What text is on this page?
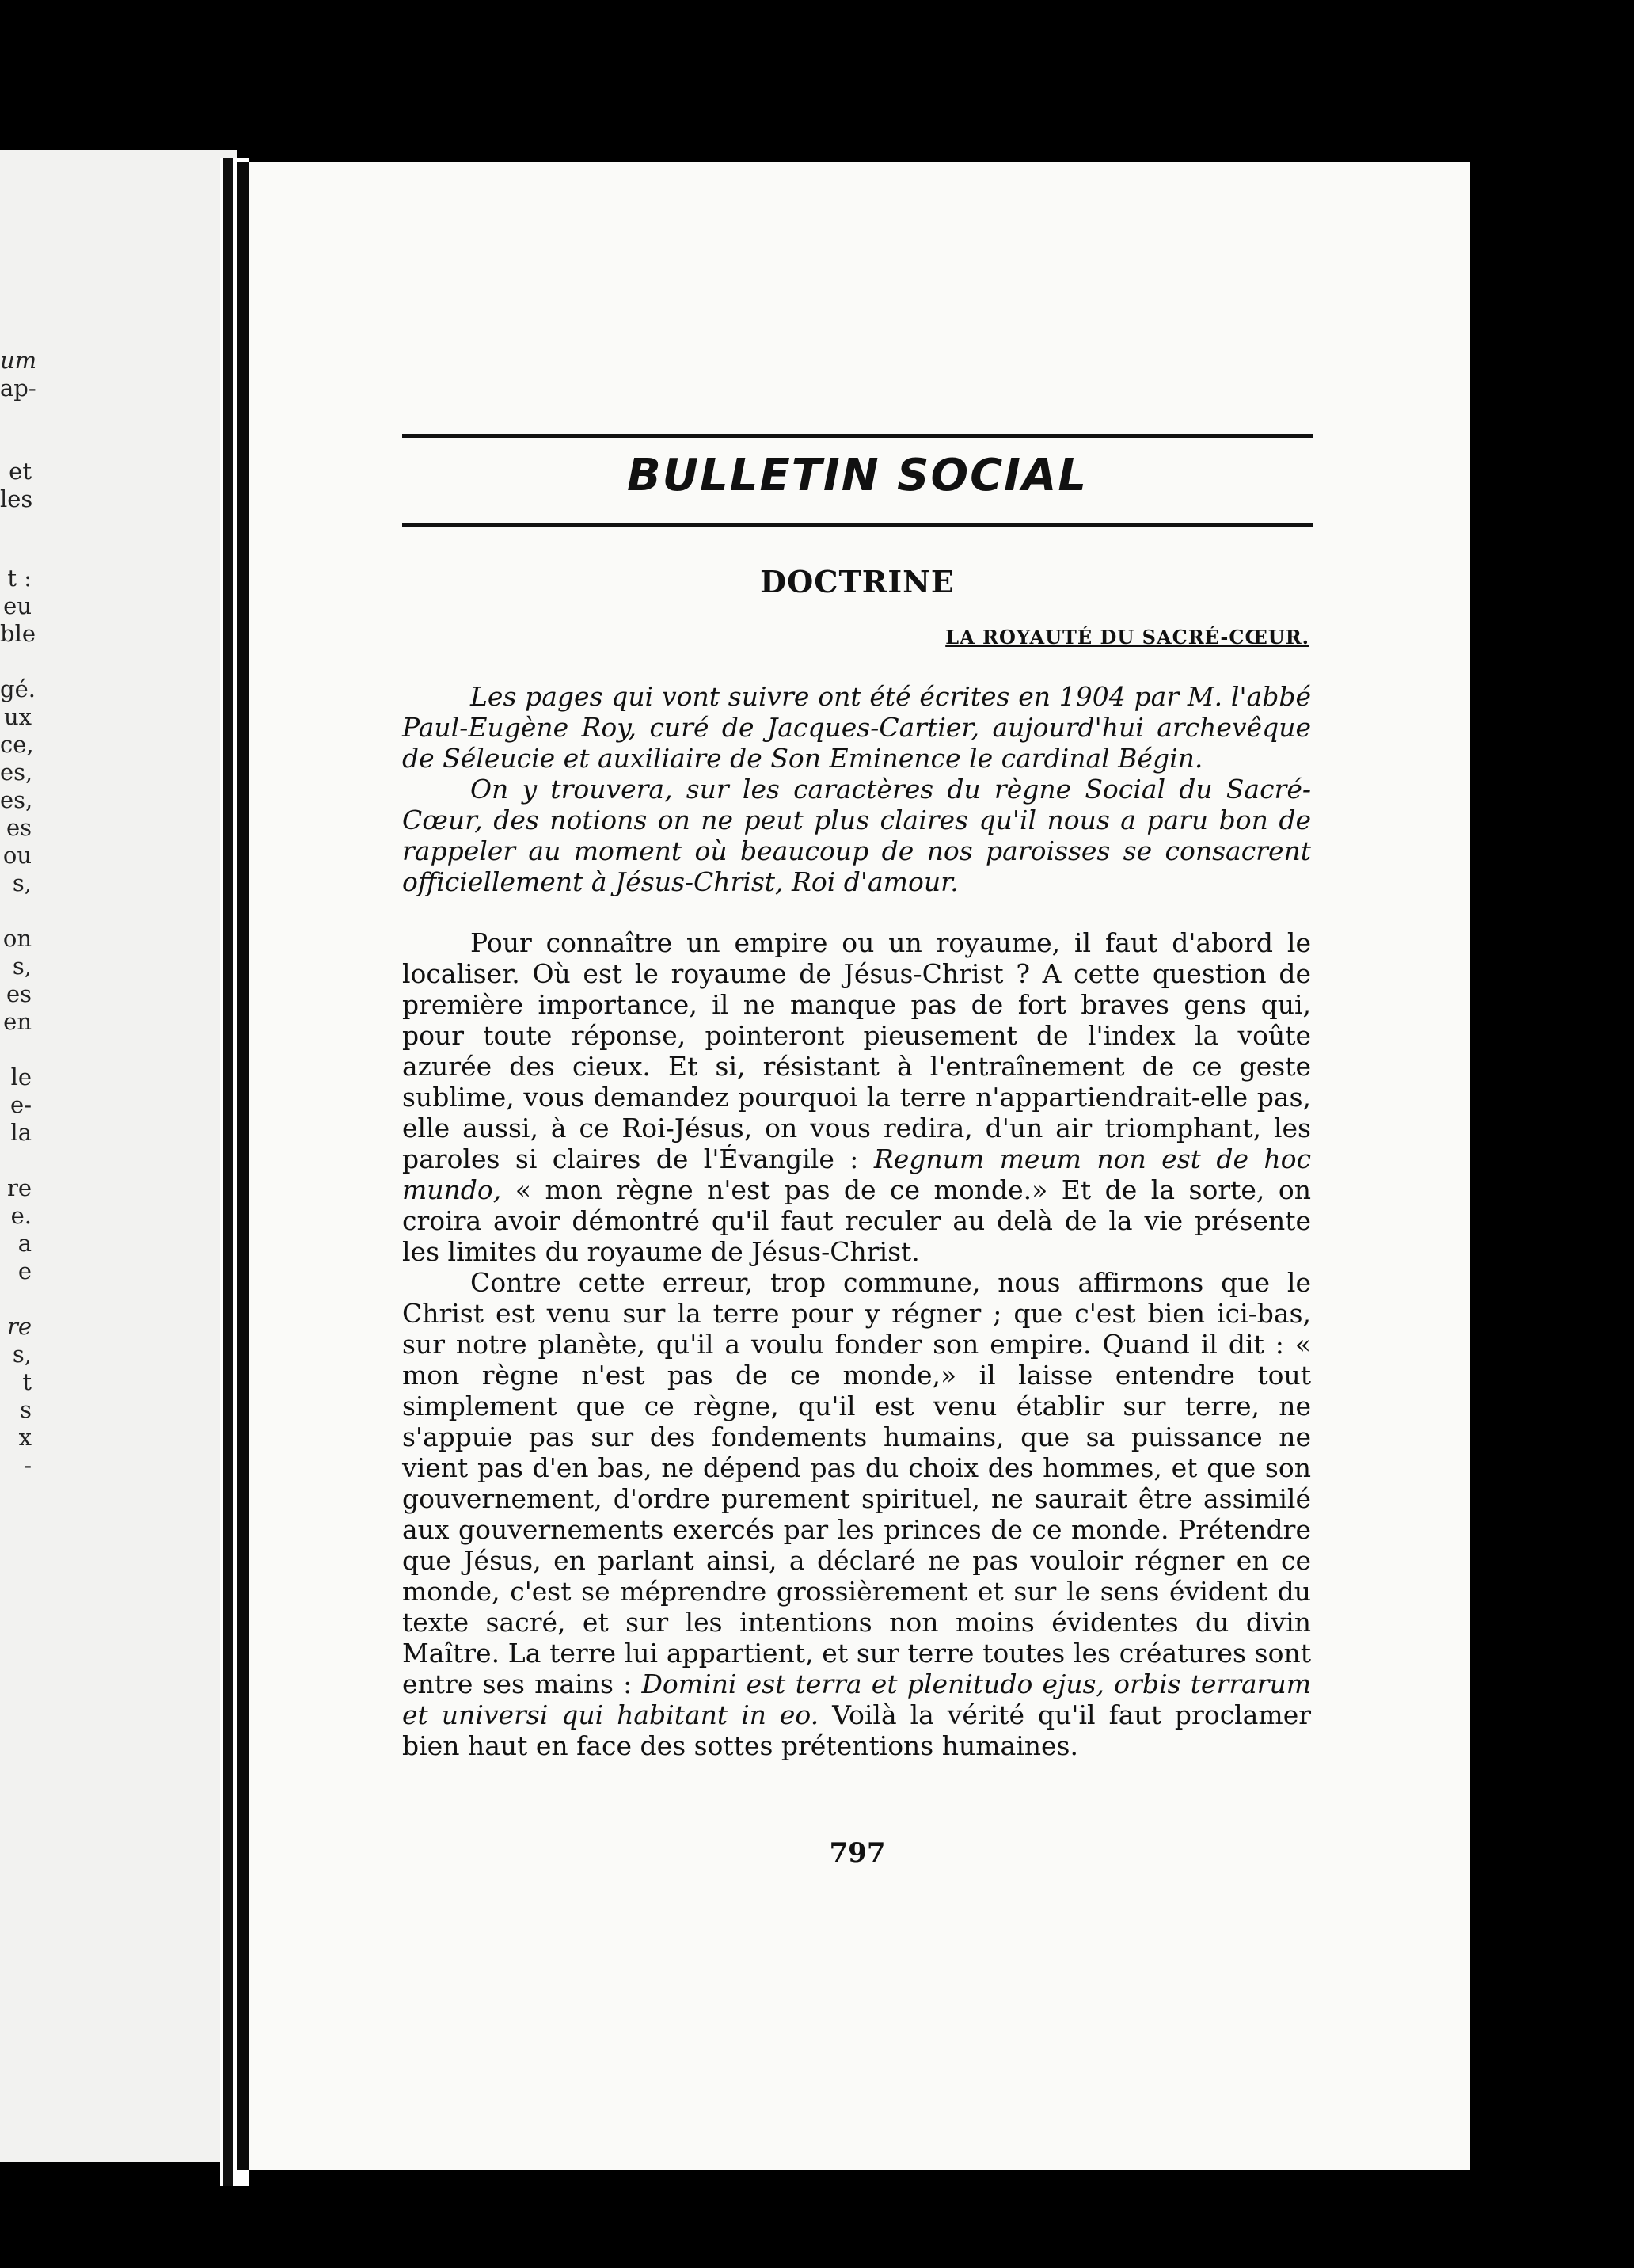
um
ap-
et
les
t :
eu
ble
gé.
ux
ce,
es,
es,
es
ou
s,
on
s,
es
en
le
e-
la
re
e.
a
e
re
s,
t
s
x
-
BULLETIN SOCIAL
DOCTRINE
LA ROYAUTÉ DU SACRÉ-CŒUR.

Les pages qui vont suivre ont été écrites en 1904 par M. l'abbé Paul-Eugène Roy, curé de Jacques-Cartier, aujourd'hui archevêque de Séleucie et auxiliaire de Son Eminence le cardinal Bégin.

On y trouvera, sur les caractères du règne Social du Sacré-Cœur, des notions on ne peut plus claires qu'il nous a paru bon de rappeler au moment où beaucoup de nos paroisses se consacrent officiellement à Jésus-Christ, Roi d'amour.

Pour connaître un empire ou un royaume, il faut d'abord le localiser. Où est le royaume de Jésus-Christ ? A cette question de première importance, il ne manque pas de fort braves gens qui, pour toute réponse, pointeront pieusement de l'index la voûte azurée des cieux. Et si, résistant à l'entraînement de ce geste sublime, vous demandez pourquoi la terre n'appartiendrait-elle pas, elle aussi, à ce Roi-Jésus, on vous redira, d'un air triomphant, les paroles si claires de l'Évangile : Regnum meum non est de hoc mundo, « mon règne n'est pas de ce monde.» Et de la sorte, on croira avoir démontré qu'il faut reculer au delà de la vie présente les limites du royaume de Jésus-Christ.

Contre cette erreur, trop commune, nous affirmons que le Christ est venu sur la terre pour y régner ; que c'est bien ici-bas, sur notre planète, qu'il a voulu fonder son empire. Quand il dit : « mon règne n'est pas de ce monde,» il laisse entendre tout simplement que ce règne, qu'il est venu établir sur terre, ne s'appuie pas sur des fondements humains, que sa puissance ne vient pas d'en bas, ne dépend pas du choix des hommes, et que son gouvernement, d'ordre purement spirituel, ne saurait être assimilé aux gouvernements exercés par les princes de ce monde. Prétendre que Jésus, en parlant ainsi, a déclaré ne pas vouloir régner en ce monde, c'est se méprendre grossièrement et sur le sens évident du texte sacré, et sur les intentions non moins évidentes du divin Maître. La terre lui appartient, et sur terre toutes les créatures sont entre ses mains : Domini est terra et plenitudo ejus, orbis terrarum et universi qui habitant in eo. Voilà la vérité qu'il faut proclamer bien haut en face des sottes prétentions humaines.

797
